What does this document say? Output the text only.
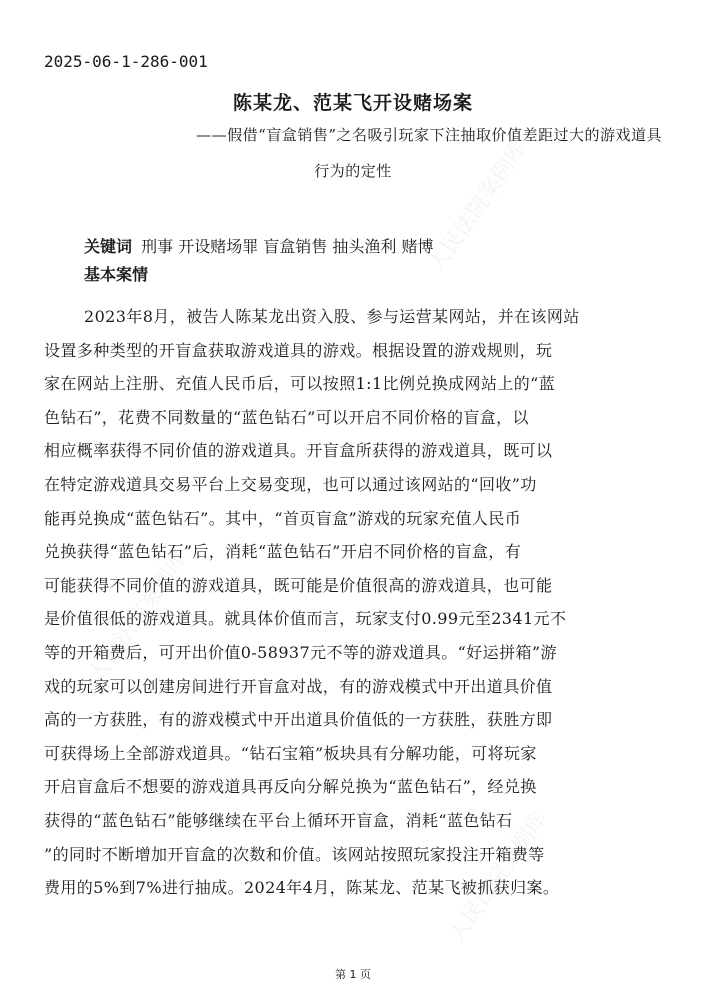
人民法院案例库
人民法院案例库
人民法院案例库
2025-06-1-286-001
陈某龙、范某飞开设赌场案
——假借“盲盒销售”之名吸引玩家下注抽取价值差距过大的游戏道具
行为的定性
关键词 刑事 开设赌场罪 盲盒销售 抽头渔利 赌博
基本案情
2023年8月，被告人陈某龙出资入股、参与运营某网站，并在该网站
设置多种类型的开盲盒获取游戏道具的游戏。根据设置的游戏规则，玩
家在网站上注册、充值人民币后，可以按照1:1比例兑换成网站上的“蓝
色钻石”，花费不同数量的“蓝色钻石”可以开启不同价格的盲盒，以
相应概率获得不同价值的游戏道具。开盲盒所获得的游戏道具，既可以
在特定游戏道具交易平台上交易变现，也可以通过该网站的“回收”功
能再兑换成“蓝色钻石”。其中，“首页盲盒”游戏的玩家充值人民币
兑换获得“蓝色钻石”后，消耗“蓝色钻石”开启不同价格的盲盒，有
可能获得不同价值的游戏道具，既可能是价值很高的游戏道具，也可能
是价值很低的游戏道具。就具体价值而言，玩家支付0.99元至2341元不
等的开箱费后，可开出价值0-58937元不等的游戏道具。“好运拼箱”游
戏的玩家可以创建房间进行开盲盒对战，有的游戏模式中开出道具价值
高的一方获胜，有的游戏模式中开出道具价值低的一方获胜，获胜方即
可获得场上全部游戏道具。“钻石宝箱”板块具有分解功能，可将玩家
开启盲盒后不想要的游戏道具再反向分解兑换为“蓝色钻石”，经兑换
获得的“蓝色钻石”能够继续在平台上循环开盲盒，消耗“蓝色钻石
”的同时不断增加开盲盒的次数和价值。该网站按照玩家投注开箱费等
费用的5%到7%进行抽成。2024年4月，陈某龙、范某飞被抓获归案。
第 1 页
